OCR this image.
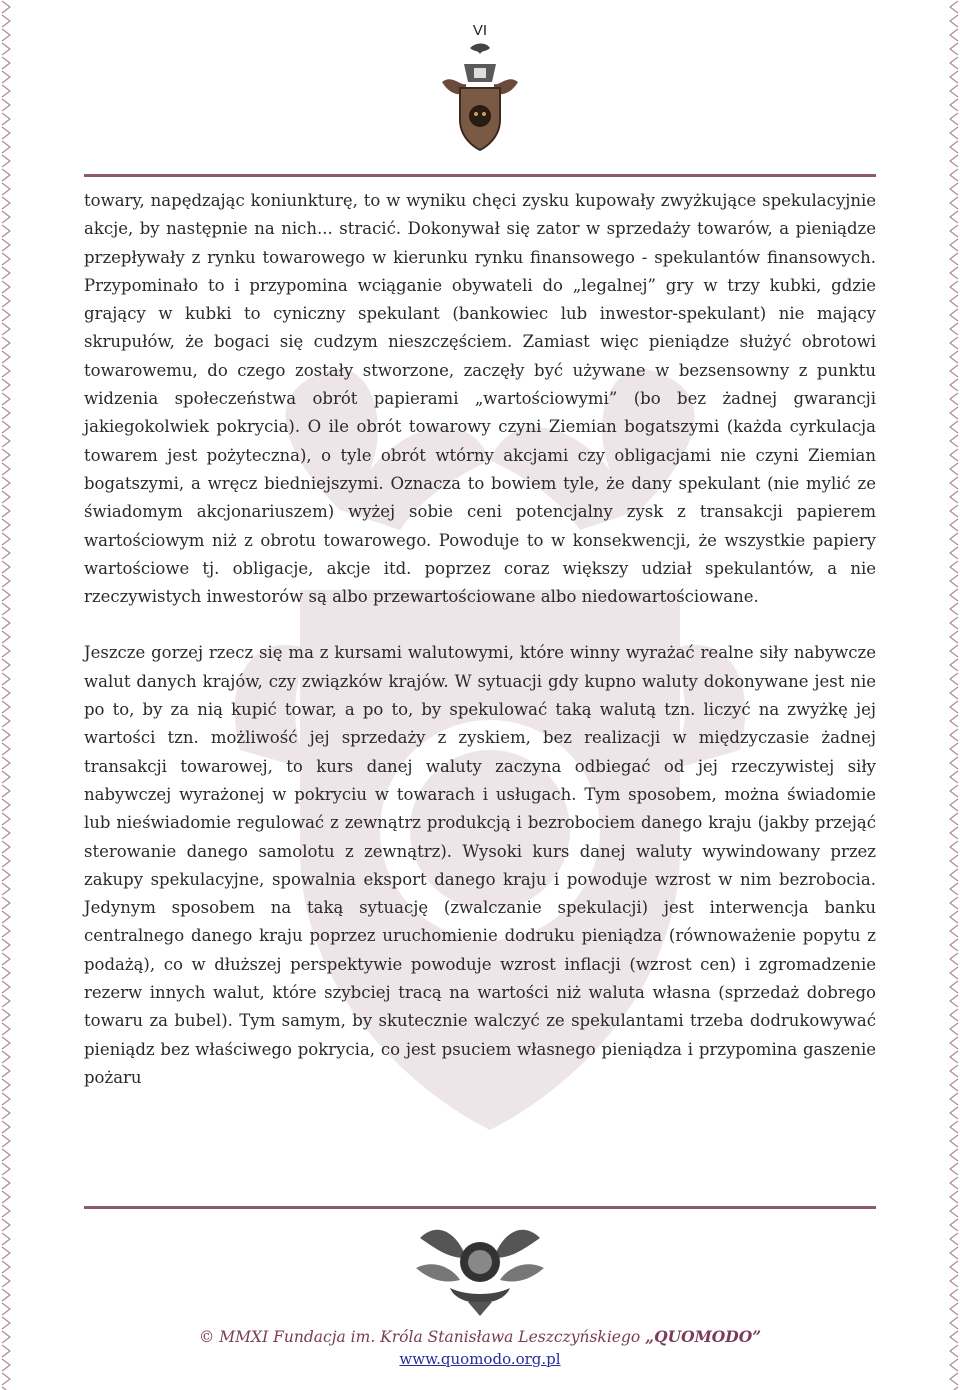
VI

towary, napędzając koniunkturę, to w wyniku chęci zysku kupowały zwyżkujące spekulacyjnie akcje, by następnie na nich... stracić. Dokonywał się zator w sprzedaży towarów, a pieniądze przepływały z rynku towarowego w kierunku rynku finansowego - spekulantów finansowych. Przypominało to i przypomina wciąganie obywateli do „legalnej” gry w trzy kubki, gdzie grający w kubki to cyniczny spekulant (bankowiec lub inwestor-spekulant) nie mający skrupułów, że bogaci się cudzym nieszczęściem. Zamiast więc pieniądze służyć obrotowi towarowemu, do czego zostały stworzone, zaczęły być używane w bezsensowny z punktu widzenia społeczeństwa obrót papierami „wartościowymi” (bo bez żadnej gwarancji jakiegokolwiek pokrycia). O ile obrót towarowy czyni Ziemian bogatszymi (każda cyrkulacja towarem jest pożyteczna), o tyle obrót wtórny akcjami czy obligacjami nie czyni Ziemian bogatszymi, a wręcz biedniejszymi. Oznacza to bowiem tyle, że dany spekulant (nie mylić ze świadomym akcjonariuszem) wyżej sobie ceni potencjalny zysk z transakcji papierem wartościowym niż z obrotu towarowego. Powoduje to w konsekwencji, że wszystkie papiery wartościowe tj. obligacje, akcje itd. poprzez coraz większy udział spekulantów, a nie rzeczywistych inwestorów są albo przewartościowane albo niedowartościowane.

Jeszcze gorzej rzecz się ma z kursami walutowymi, które winny wyrażać realne siły nabywcze walut danych krajów, czy związków krajów. W sytuacji gdy kupno waluty dokonywane jest nie po to, by za nią kupić towar, a po to, by spekulować taką walutą tzn. liczyć na zwyżkę jej wartości tzn. możliwość jej sprzedaży z zyskiem, bez realizacji w międzyczasie żadnej transakcji towarowej, to kurs danej waluty zaczyna odbiegać od jej rzeczywistej siły nabywczej wyrażonej w pokryciu w towarach i usługach. Tym sposobem, można świadomie lub nieświadomie regulować z zewnątrz produkcją i bezrobociem danego kraju (jakby przejąć sterowanie danego samolotu z zewnątrz). Wysoki kurs danej waluty wywindowany przez zakupy spekulacyjne, spowalnia eksport danego kraju i powoduje wzrost w nim bezrobocia. Jedynym sposobem na taką sytuację (zwalczanie spekulacji) jest interwencja banku centralnego danego kraju poprzez uruchomienie dodruku pieniądza (równoważenie popytu z podażą), co w dłuższej perspektywie powoduje wzrost inflacji (wzrost cen) i zgromadzenie rezerw innych walut, które szybciej tracą na wartości niż waluta własna (sprzedaż dobrego towaru za bubel). Tym samym, by skutecznie walczyć ze spekulantami trzeba dodrukowywać pieniądz bez właściwego pokrycia, co jest psuciem własnego pieniądza i przypomina gaszenie pożaru

© MMXI Fundacja im. Króla Stanisława Leszczyńskiego „QUOMODO”
www.quomodo.org.pl
